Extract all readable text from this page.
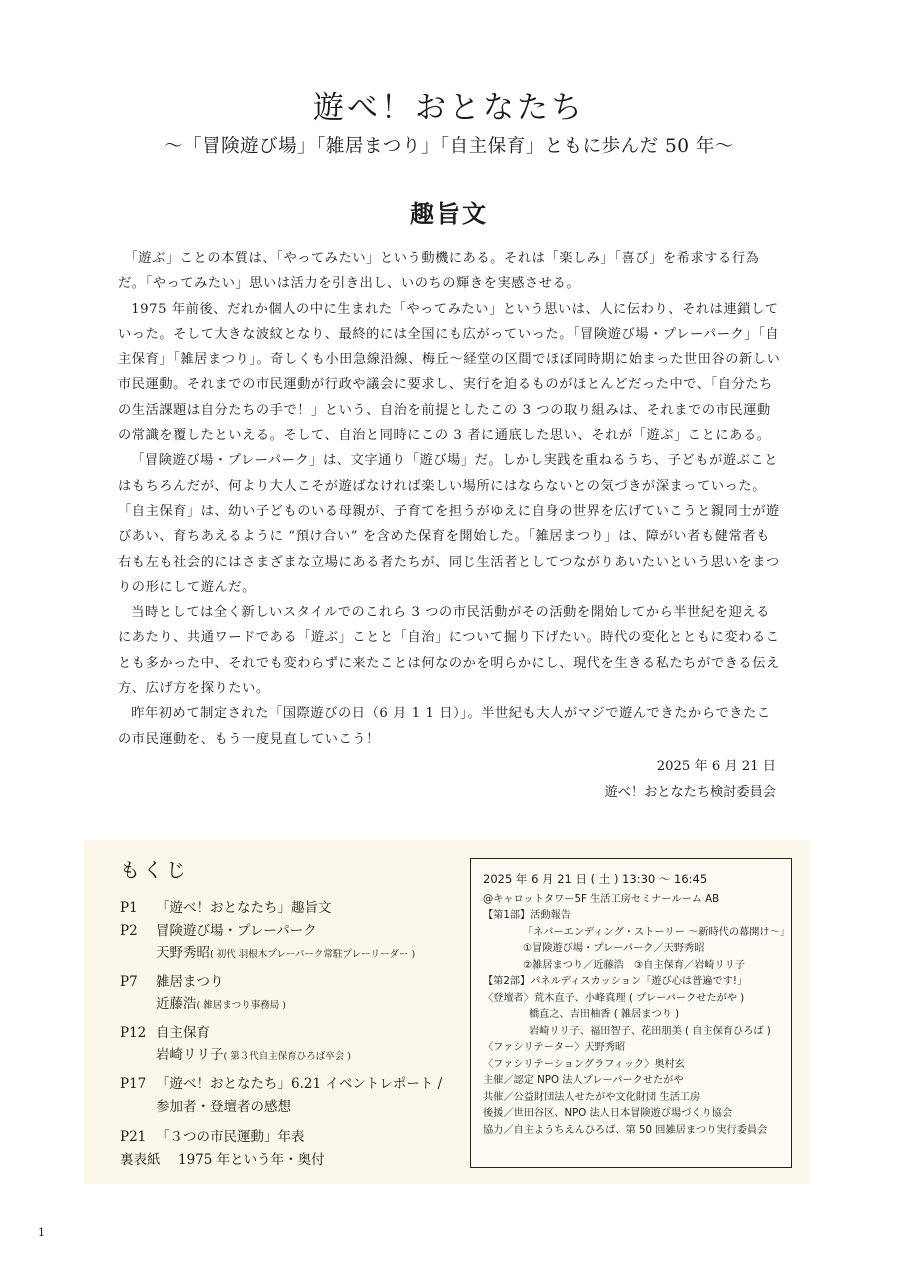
遊べ！おとなたち
〜「冒険遊び場」「雑居まつり」「自主保育」ともに歩んだ 50 年〜
趣旨文

「遊ぶ」ことの本質は、「やってみたい」という動機にある。それは「楽しみ」「喜び」を希求する行為だ。「やってみたい」思いは活力を引き出し、いのちの輝きを実感させる。

1975 年前後、だれか個人の中に生まれた「やってみたい」という思いは、人に伝わり、それは連鎖していった。そして大きな波紋となり、最終的には全国にも広がっていった。「冒険遊び場・プレーパーク」「自主保育」「雑居まつり」。奇しくも小田急線沿線、梅丘〜経堂の区間でほぼ同時期に始まった世田谷の新しい市民運動。それまでの市民運動が行政や議会に要求し、実行を迫るものがほとんどだった中で、「自分たちの生活課題は自分たちの手で！」という、自治を前提としたこの 3 つの取り組みは、それまでの市民運動の常識を覆したといえる。そして、自治と同時にこの 3 者に通底した思い、それが「遊ぶ」ことにある。

「冒険遊び場・プレーパーク」は、文字通り「遊び場」だ。しかし実践を重ねるうち、子どもが遊ぶことはもちろんだが、何より大人こそが遊ばなければ楽しい場所にはならないとの気づきが深まっていった。「自主保育」は、幼い子どものいる母親が、子育てを担うがゆえに自身の世界を広げていこうと親同士が遊びあい、育ちあえるように “預け合い” を含めた保育を開始した。「雑居まつり」は、障がい者も健常者も右も左も社会的にはさまざまな立場にある者たちが、同じ生活者としてつながりあいたいという思いをまつりの形にして遊んだ。

当時としては全く新しいスタイルでのこれら 3 つの市民活動がその活動を開始してから半世紀を迎えるにあたり、共通ワードである「遊ぶ」ことと「自治」について掘り下げたい。時代の変化とともに変わることも多かった中、それでも変わらずに来たことは何なのかを明らかにし、現代を生きる私たちができる伝え方、広げ方を探りたい。

昨年初めて制定された「国際遊びの日（6 月 1 1 日）」。半世紀も大人がマジで遊んできたからできたこの市民運動を、もう一度見直していこう！

2025 年 6 月 21 日
遊べ！おとなたち検討委員会
もくじ
P1	「遊べ！おとなたち」趣旨文
P2	冒険遊び場・プレーパーク
天野秀昭( 初代 羽根木プレーパーク常駐プレーリーダー )
P7	雑居まつり
近藤浩( 雑居まつり事務局 )
P12 自主保育
岩崎リリ子( 第３代自主保育ひろば卒会 )
P17 「遊べ！おとなたち」6.21 イベントレポート /
参加者・登壇者の感想
P21 「３つの市民運動」年表
裏表紙	1975 年という年・奥付
2025 年 6 月 21 日 ( 土 ) 13:30 〜 16:45
@キャロットタワー5F 生活工房セミナールーム AB
【第1部】活動報告
「ネバーエンディング・ストーリー 〜新時代の幕開け〜」
①冒険遊び場・プレーパーク／天野秀昭
②雑居まつり／近藤浩　③自主保育／岩崎リリ子
【第2部】パネルディスカッション「遊び心は普遍です!」
〈登壇者〉荒木直子、小峰真理 ( プレーパークせたがや )
橋直之、吉田柚香 ( 雑居まつり )
岩崎リリ子、福田智子、花田朋美 ( 自主保育ひろば )
〈ファシリテーター〉天野秀昭
〈ファシリテーショングラフィック〉奥村玄
主催／認定 NPO 法人プレーパークせたがや
共催／公益財団法人せたがや文化財団 生活工房
後援／世田谷区、NPO 法人日本冒険遊び場づくり協会
協力／自主ようちえんひろば、第 50 回雑居まつり実行委員会
1
